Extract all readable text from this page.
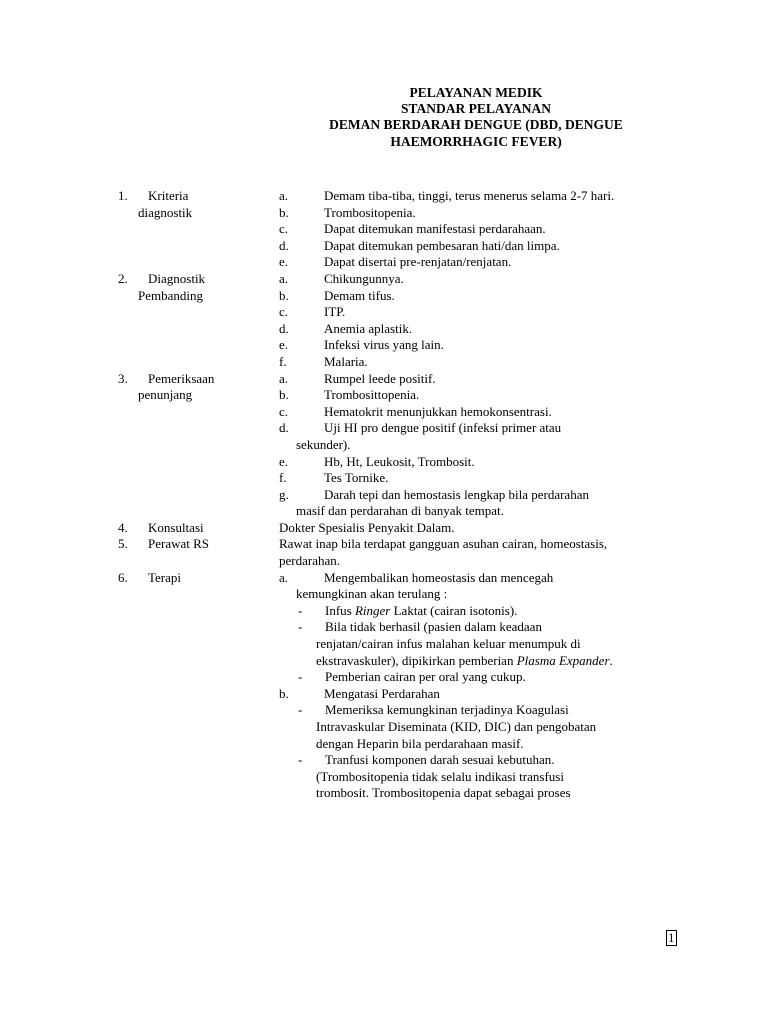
PELAYANAN MEDIK
STANDAR PELAYANAN
DEMAN BERDARAH DENGUE (DBD, DENGUE
HAEMORRHAGIC FEVER)
1.	Kriteria
diagnostik
a.	Demam tiba-tiba, tinggi, terus menerus selama 2-7 hari.
b.	Trombositopenia.
c.	Dapat ditemukan manifestasi perdarahaan.
d.	Dapat ditemukan pembesaran hati/dan limpa.
e.	Dapat disertai pre-renjatan/renjatan.
2.	Diagnostik
Pembanding
a.	Chikungunnya.
b.	Demam tifus.
c.	ITP.
d.	Anemia aplastik.
e.	Infeksi virus yang lain.
f.	Malaria.
3.	Pemeriksaan
penunjang
a.	Rumpel leede positif.
b.	Trombosittopenia.
c.	Hematokrit menunjukkan hemokonsentrasi.
d.	Uji HI pro dengue positif (infeksi primer atau
sekunder).
e.	Hb, Ht, Leukosit, Trombosit.
f.	Tes Tornike.
g.	Darah tepi dan hemostasis lengkap bila perdarahan
masif dan perdarahan di banyak tempat.
4.	Konsultasi	Dokter Spesialis Penyakit Dalam.
5.	Perawat RS	Rawat inap bila terdapat gangguan asuhan cairan, homeostasis,
perdarahan.
6.	Terapi	a.	Mengembalikan homeostasis dan mencegah
kemungkinan akan terulang :
- Infus Ringer Laktat (cairan isotonis).
- Bila tidak berhasil (pasien dalam keadaan
renjatan/cairan infus malahan keluar menumpuk di
ekstravaskuler), dipikirkan pemberian Plasma Expander.
- Pemberian cairan per oral yang cukup.
b.	Mengatasi Perdarahan
- Memeriksa kemungkinan terjadinya Koagulasi
Intravaskular Diseminata (KID, DIC) dan pengobatan
dengan Heparin bila perdarahaan masif.
- Tranfusi komponen darah sesuai kebutuhan.
(Trombositopenia tidak selalu indikasi transfusi
trombosit. Trombositopenia dapat sebagai proses
1
